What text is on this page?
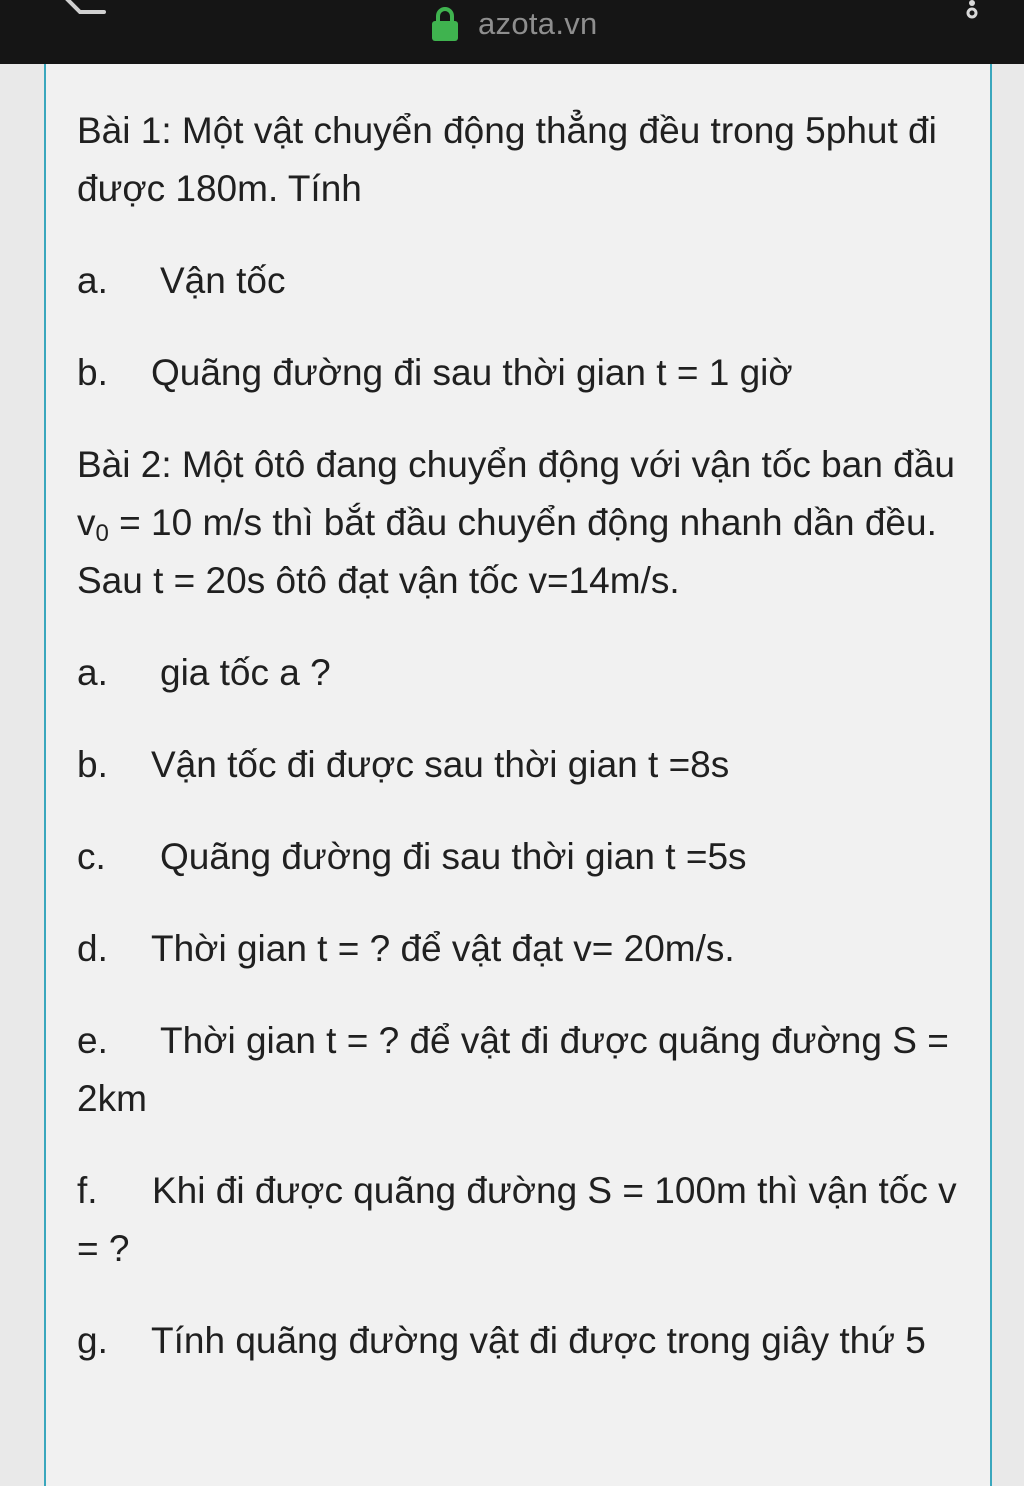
azota.vn

Bài 1: Một vật chuyển động thẳng đều trong 5phut đi được 180m. Tính

a. Vận tốc

b. Quãng đường đi sau thời gian t = 1 giờ

Bài 2: Một ôtô đang chuyển động với vận tốc ban đầu $v_0 = 10$ m/s thì bắt đầu chuyển động nhanh dần đều. Sau t = 20s ôtô đạt vận tốc v=14m/s.

a. gia tốc a ?

b. Vận tốc đi được sau thời gian t =8s

c. Quãng đường đi sau thời gian t =5s

d. Thời gian t = ? để vật đạt v= 20m/s.

e. Thời gian t = ? để vật đi được quãng đường S = 2km

f. Khi đi được quãng đường S = 100m thì vận tốc v = ?

g. Tính quãng đường vật đi được trong giây thứ 5
